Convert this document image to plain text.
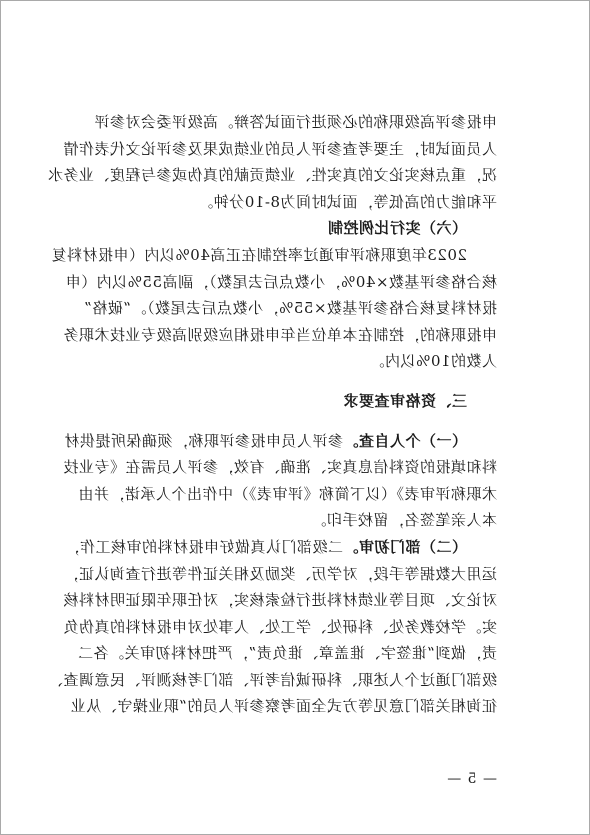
申报参评高级职称的必须进行面试答辩。高级评委会对参评
人员面试时，主要考查参评人员的业绩成果及参评论文代表作情
况，重点核实论文的真实性、业绩贡献的真伪或参与程度、业务水
平和能力的高低等，面试时间为8-10分钟。
（六）实行比例控制
2023年度职称评审通过率控制在正高40%以内（申报材料复
核合格参评基数×40%，小数点后去尾数），副高55%以内（申
报材料复核合格参评基数×55%，小数点后去尾数）。“破格”
申报职称的，控制在本单位当年申报相应级别高级专业技术职务
人数的10%以内。
三、资格审查要求
（一）个人自查。参评人员申报参评职称，须确保所提供材
料和填报的资料信息真实、准确、有效，参评人员需在《专业技
术职称评审表》（以下简称《评审表》）中作出个人承诺，并由
本人亲笔签名，留校手印。
（二）部门初审。二级部门认真做好申报材料的审核工作，
运用大数据等手段，对学历、奖励及相关证件等进行查询认证，
对论文、项目等业绩材料进行检索核实，对任职年限证明材料核
实。学校教务处、科研处、学工处、人事处对申报材料的真伪负
责，做到“谁签字、谁盖章、谁负责”，严把材料初审关。各二
级部门通过个人述职、科研诚信考评、部门考核测评、民意调查、
征询相关部门意见等方式全面考察参评人员的“职业操守、从业
— 5 —
